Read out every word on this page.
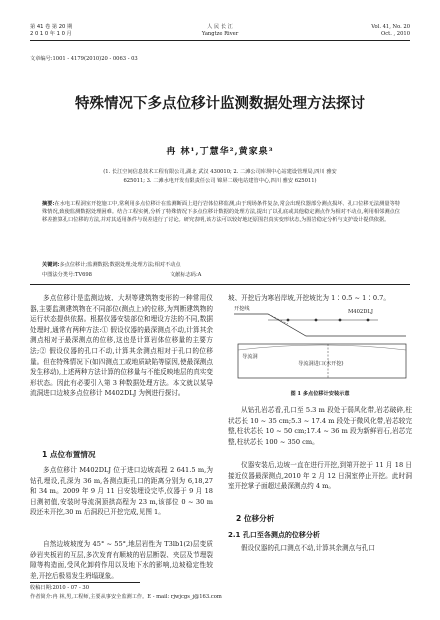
第 41 卷 第 20 期
2 0 1 0 年 1 0 月
人 民 长 江
Yangtze River
Vol. 41, No. 20
Oct. , 2010
文章编号:1001 - 4179(2010)20 - 0063 - 03
特殊情况下多点位移计监测数据处理方法探讨
冉 林¹,丁慧华²,黄家泉³
(1. 长江空间信息技术工程有限公司,湖北 武汉 430010; 2. 二滩公司库坝中心站建设管理局,四川 雅安
625011; 3. 二滩水电开发有限责任公司 锦屏二级电站建管中心,四川 雅安 625011)
摘要:在水电工程洞室开挖施工中,常利用多点位移计在监测断面上进行岩体位移监测,由于现场条件复杂,常会出现仪器部分测点损坏、孔口位移无法测量等特殊情况,致使监测数据处理困难。结合工程实例,分析了特殊情况下多点位移计数据的处理方法,提出了以孔底或其他稳定测点作为相对不动点,利用相邻测点位移差推算孔口位移的方法,并对其适用条件与误差进行了讨论。研究表明,该方法可以较好地还原围岩真实变形状态,为围岩稳定分析与支护设计提供依据。
关键词:多点位移计;监测数据;数据处理;处理方法;相对不动点
中图法分类号:TV698	文献标志码:A
多点位移计是监测边坡、大坝等建筑物变形的一种常用仪器,主要监测建筑物在不同部位(测点上)的位移,为判断建筑物的运行状态提供依据。根据仪器安装部位和埋设方法的不同,数据处理时,通常有两种方法:① 假设仪器的最深测点不动,计算其余测点相对于最深测点的位移,这也是计算岩体位移量的主要方法;② 假设仪器的孔口不动,计算其余测点相对于孔口的位移量。但在特殊情况下(如四测点工或地质缺陷等原因,使最深测点发生移动),上述两种方法计算的位移量与不能反映地层的真实变形状态。因此有必要引入第 3 种数据处理方法。本文就以某导流洞进口边坡多点位移计 M402DLJ 为例进行探讨。
1 点位布置情况
多点位移计 M402DLJ 位于进口边坡高程 2 641.5 m,为钻孔埋设,孔深为 36 m,各测点距孔口的距离分别为 6,18,27 和 34 m。2009 年 9 月 11 日安装埋设完毕,仪器于 9 月 18 日测初值,安装时导流洞顶拱高程为 23 m,该部位 0 ~ 30 m 段还未开挖,30 m 后洞段已开挖完成,见图 1。
自然边坡坡度为 45° ~ 55°,地层岩性为 T3lb1(2)层变质砂岩夹板岩的互层,多次发育有顺坡的岩层断裂、夹层及节理裂隙等构造面,受风化卸荷作用以及地下水的影响,边坡稳定性较差,开挖后极易发生坍塌现象。
坡、开挖后为寒岩岸坡,开挖坡比为 1∶0.5 ~ 1∶0.7。
开挖线	M402DLJ
导流洞
导流洞进口(未开挖)
图 1 多点位移计安装示意
从钻孔岩芯看,孔口至 5.3 m 段处于弱风化带,岩芯破碎,柱状芯长 10 ~ 35 cm;5.3 ~ 17.4 m 段处于微风化带,岩芯较完整,柱状芯长 10 ~ 50 cm;17.4 ~ 36 m 段为新鲜岩石,岩芯完整,柱状芯长 100 ~ 350 cm。
仪器安装后,边坡一直在进行开挖,到第开挖于 11 月 18 日接近仪器最深测点,2010 年 2 月 12 日洞室停止开挖。此时洞室开挖掌子面超过最深测点约 4 m。
2 位移分析
2.1 孔口至各测点的位移分析
假设仪器的孔口测点不动,计算其余测点与孔口
收稿日期:2010 - 07 - 30
作者简介:冉 林,男,工程师,主要从事安全监测工作。E - mail: rjwjcgs_j@163.com
